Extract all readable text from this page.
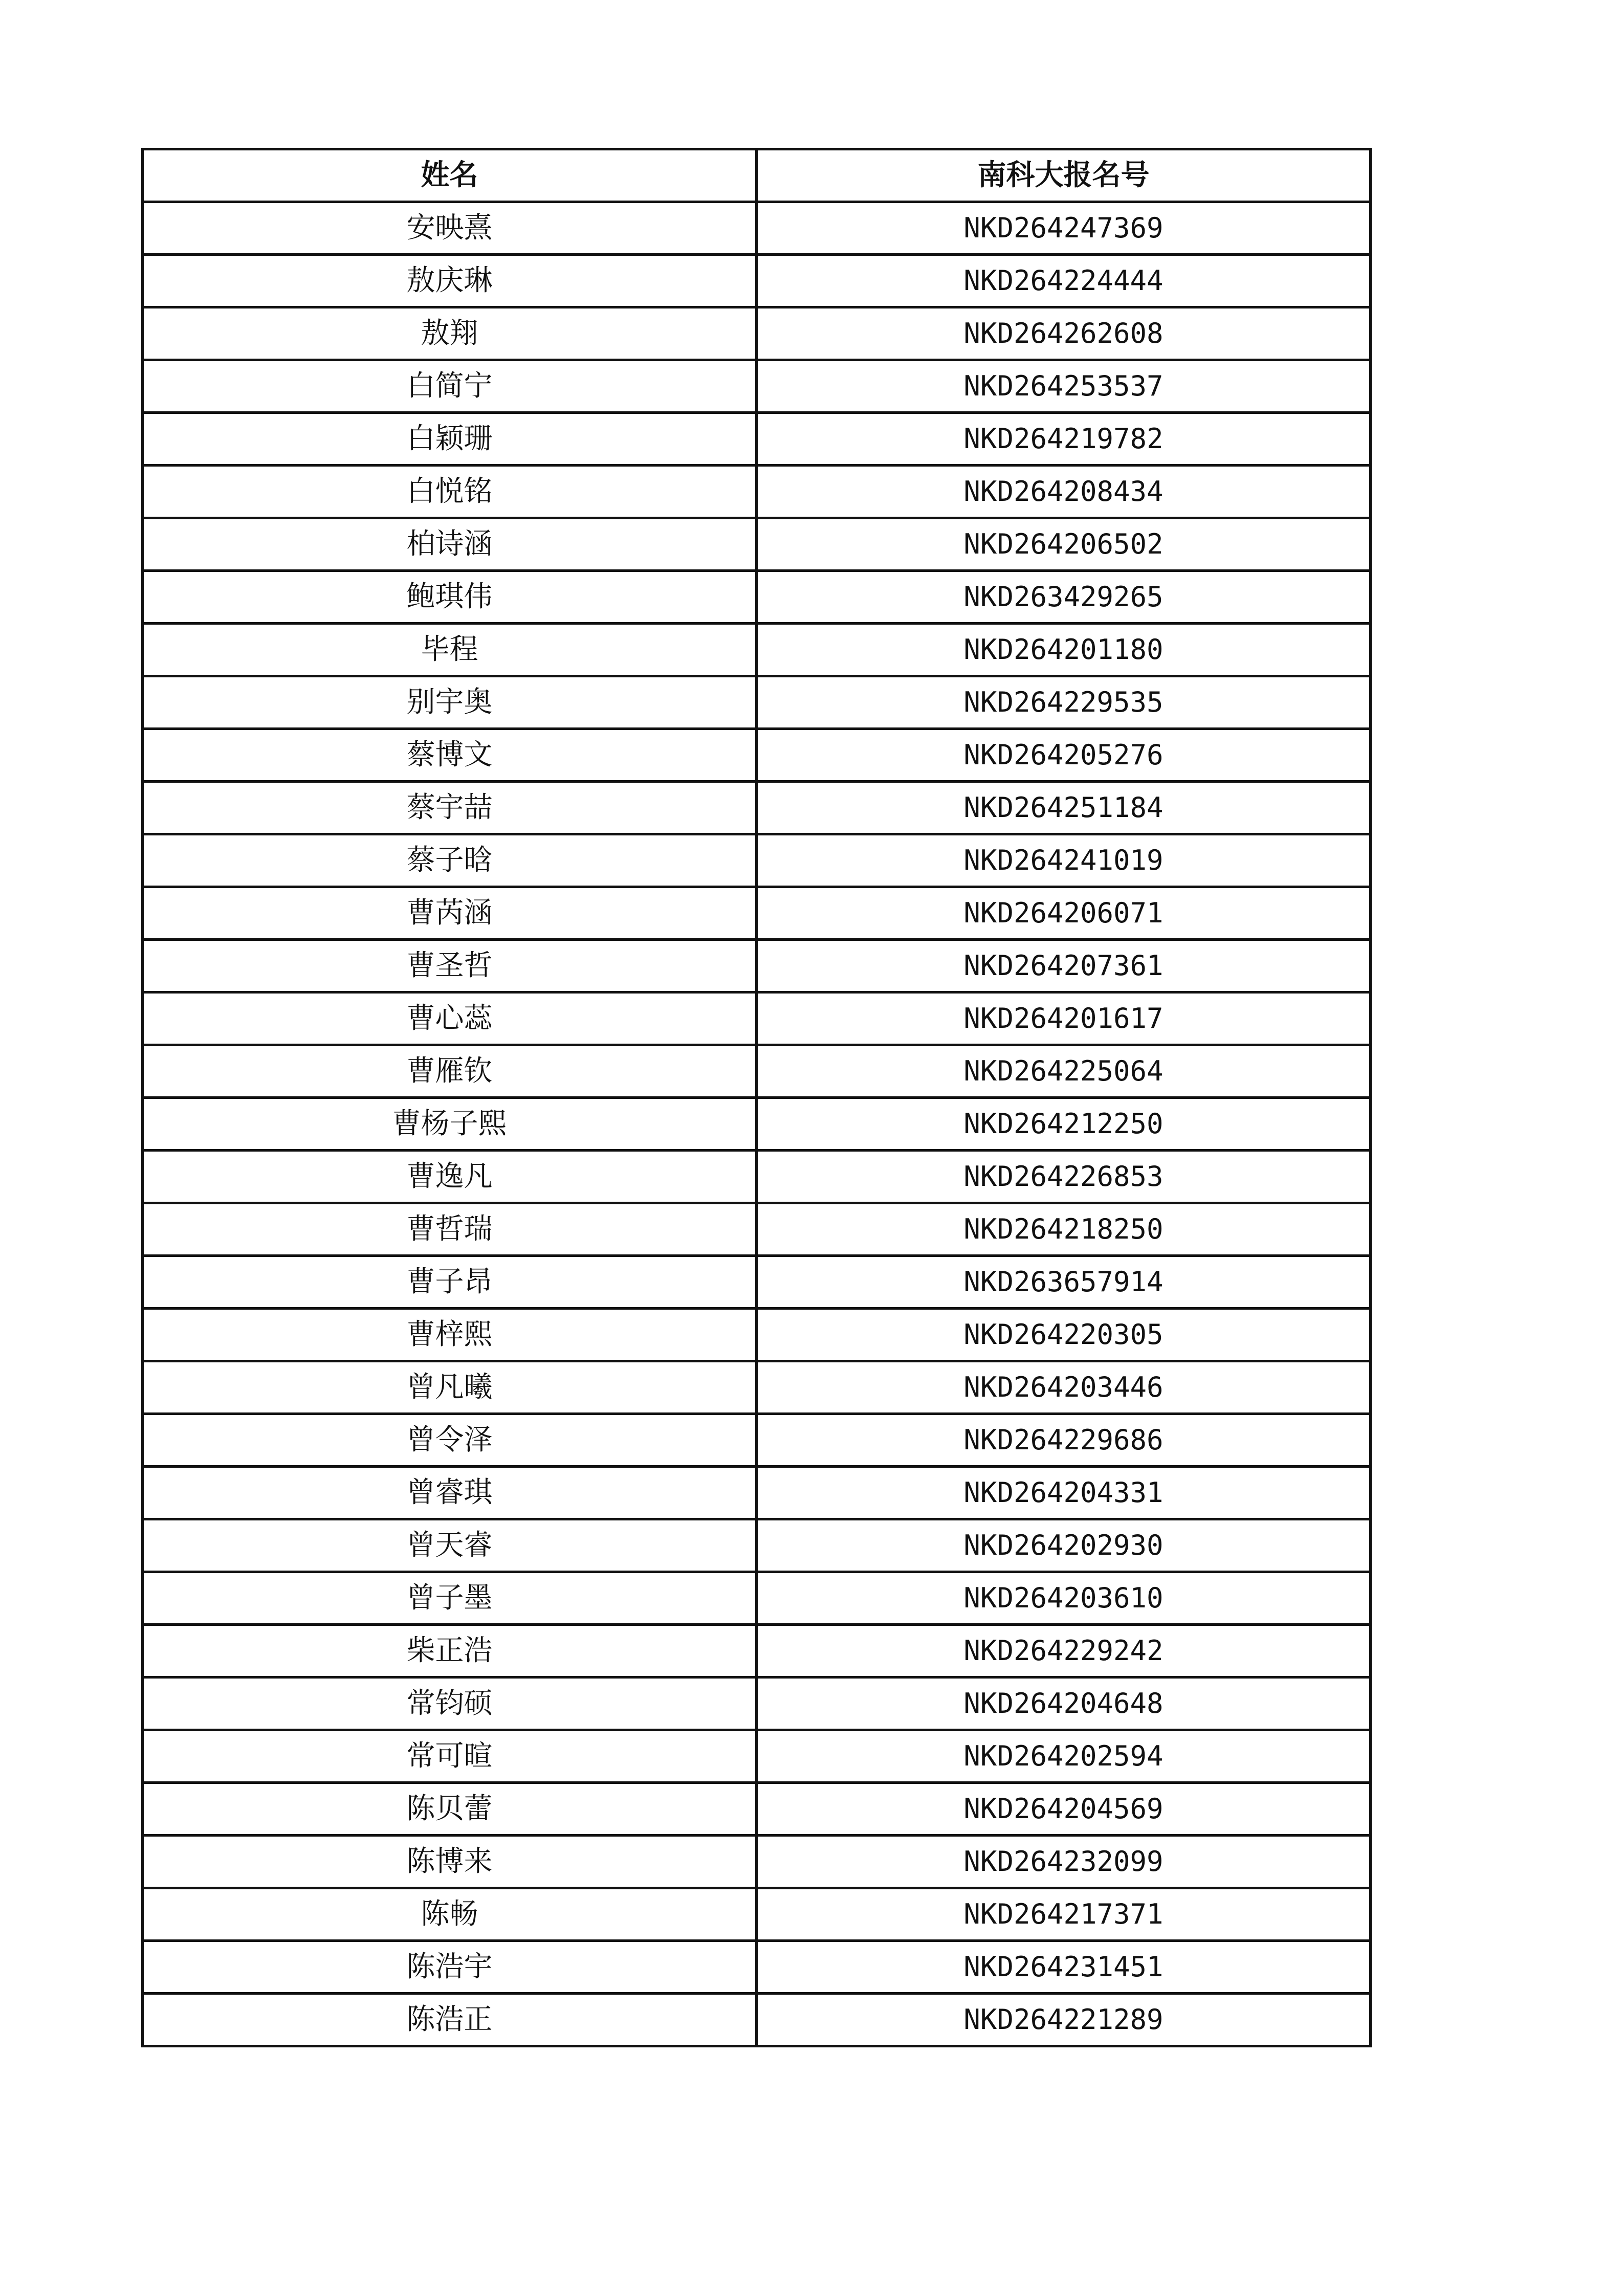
姓名	南科大报名号
安映熹	NKD264247369
敖庆琳	NKD264224444
敖翔	NKD264262608
白简宁	NKD264253537
白颖珊	NKD264219782
白悦铭	NKD264208434
柏诗涵	NKD264206502
鲍琪伟	NKD263429265
毕程	NKD264201180
别宇奥	NKD264229535
蔡博文	NKD264205276
蔡宇喆	NKD264251184
蔡子晗	NKD264241019
曹芮涵	NKD264206071
曹圣哲	NKD264207361
曹心蕊	NKD264201617
曹雁钦	NKD264225064
曹杨子熙	NKD264212250
曹逸凡	NKD264226853
曹哲瑞	NKD264218250
曹子昂	NKD263657914
曹梓熙	NKD264220305
曾凡曦	NKD264203446
曾令泽	NKD264229686
曾睿琪	NKD264204331
曾天睿	NKD264202930
曾子墨	NKD264203610
柴正浩	NKD264229242
常钧硕	NKD264204648
常可暄	NKD264202594
陈贝蕾	NKD264204569
陈博来	NKD264232099
陈畅	NKD264217371
陈浩宇	NKD264231451
陈浩正	NKD264221289
